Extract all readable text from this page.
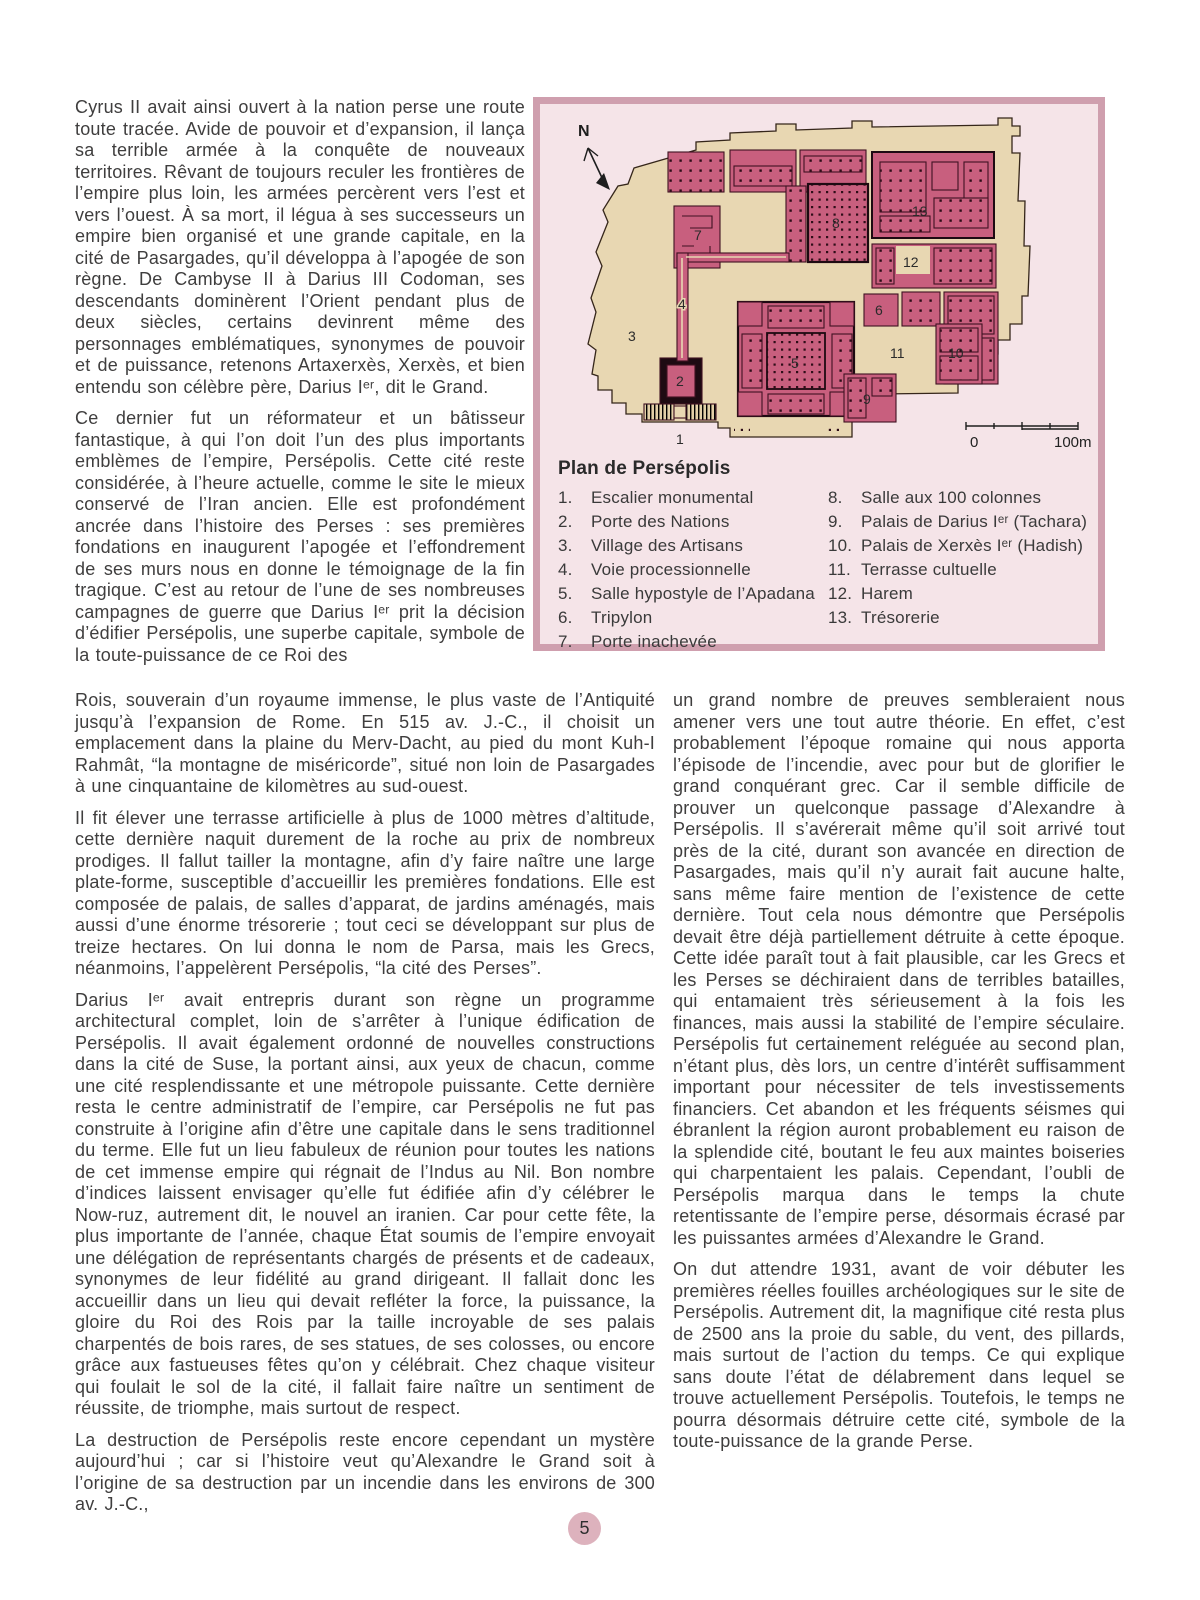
Cyrus II avait ainsi ouvert à la nation perse une route toute tracée. Avide de pouvoir et d’expansion, il lança sa terrible armée à la conquête de nouveaux territoires. Rêvant de toujours reculer les frontières de l’empire plus loin, les armées percèrent vers l’est et vers l’ouest. À sa mort, il légua à ses successeurs un empire bien organisé et une grande capitale, en la cité de Pasargades, qu’il développa à l’apogée de son règne. De Cambyse II à Darius III Codoman, ses descendants dominèrent l’Orient pendant plus de deux siècles, certains devinrent même des personnages emblématiques, synonymes de pouvoir et de puissance, retenons Artaxerxès, Xerxès, et bien entendu son célèbre père, Darius Iᵉʳ, dit le Grand.

Ce dernier fut un réformateur et un bâtisseur fantastique, à qui l’on doit l’un des plus importants emblèmes de l’empire, Persépolis. Cette cité reste considérée, à l’heure actuelle, comme le site le mieux conservé de l’Iran ancien. Elle est profondément ancrée dans l’histoire des Perses : ses premières fondations en inaugurent l’apogée et l’effondrement de ses murs nous en donne le témoignage de la fin tragique. C’est au retour de l’une de ses nombreuses campagnes de guerre que Darius Iᵉʳ prit la décision d’édifier Persépolis, une superbe capitale, symbole de la toute-puissance de ce Roi des

1
2
3
4
5
6
7
8
9
10
11
12
13
N
0	100m
Plan de Persépolis
1.	Escalier monumental
2.	Porte des Nations
3.	Village des Artisans
4.	Voie processionnelle
5.	Salle hypostyle de l’Apadana
6.	Tripylon
7.	Porte inachevée
8.	Salle aux 100 colonnes
9.	Palais de Darius Iᵉʳ (Tachara)
10. Palais de Xerxès Iᵉʳ (Hadish)
11. Terrasse cultuelle
12. Harem
13. Trésorerie

Rois, souverain d’un royaume immense, le plus vaste de l’Antiquité jusqu’à l’expansion de Rome. En 515 av. J.-C., il choisit un emplacement dans la plaine du Merv-Dacht, au pied du mont Kuh-I Rahmât, “la montagne de miséricorde”, situé non loin de Pasargades à une cinquantaine de kilomètres au sud-ouest.

Il fit élever une terrasse artificielle à plus de 1000 mètres d’altitude, cette dernière naquit durement de la roche au prix de nombreux prodiges. Il fallut tailler la montagne, afin d’y faire naître une large plate-forme, susceptible d’accueillir les premières fondations. Elle est composée de palais, de salles d’apparat, de jardins aménagés, mais aussi d’une énorme trésorerie ; tout ceci se développant sur plus de treize hectares. On lui donna le nom de Parsa, mais les Grecs, néanmoins, l’appelèrent Persépolis, “la cité des Perses”.

Darius Iᵉʳ avait entrepris durant son règne un programme architectural complet, loin de s’arrêter à l’unique édification de Persépolis. Il avait également ordonné de nouvelles constructions dans la cité de Suse, la portant ainsi, aux yeux de chacun, comme une cité resplendissante et une métropole puissante. Cette dernière resta le centre administratif de l’empire, car Persépolis ne fut pas construite à l’origine afin d’être une capitale dans le sens traditionnel du terme. Elle fut un lieu fabuleux de réunion pour toutes les nations de cet immense empire qui régnait de l’Indus au Nil. Bon nombre d’indices laissent envisager qu’elle fut édifiée afin d’y célébrer le Now-ruz, autrement dit, le nouvel an iranien. Car pour cette fête, la plus importante de l’année, chaque État soumis de l’empire envoyait une délégation de représentants chargés de présents et de cadeaux, synonymes de leur fidélité au grand dirigeant. Il fallait donc les accueillir dans un lieu qui devait refléter la force, la puissance, la gloire du Roi des Rois par la taille incroyable de ses palais charpentés de bois rares, de ses statues, de ses colosses, ou encore grâce aux fastueuses fêtes qu’on y célébrait. Chez chaque visiteur qui foulait le sol de la cité, il fallait faire naître un sentiment de réussite, de triomphe, mais surtout de respect.

La destruction de Persépolis reste encore cependant un mystère aujourd’hui ; car si l’histoire veut qu’Alexandre le Grand soit à l’origine de sa destruction par un incendie dans les environs de 300 av. J.-C.,

un grand nombre de preuves sembleraient nous amener vers une tout autre théorie. En effet, c’est probablement l’époque romaine qui nous apporta l’épisode de l’incendie, avec pour but de glorifier le grand conquérant grec. Car il semble difficile de prouver un quelconque passage d’Alexandre à Persépolis. Il s’avérerait même qu’il soit arrivé tout près de la cité, durant son avancée en direction de Pasargades, mais qu’il n’y aurait fait aucune halte, sans même faire mention de l’existence de cette dernière. Tout cela nous démontre que Persépolis devait être déjà partiellement détruite à cette époque. Cette idée paraît tout à fait plausible, car les Grecs et les Perses se déchiraient dans de terribles batailles, qui entamaient très sérieusement à la fois les finances, mais aussi la stabilité de l’empire séculaire. Persépolis fut certainement reléguée au second plan, n’étant plus, dès lors, un centre d’intérêt suffisamment important pour nécessiter de tels investissements financiers. Cet abandon et les fréquents séismes qui ébranlent la région auront probablement eu raison de la splendide cité, boutant le feu aux maintes boiseries qui charpentaient les palais. Cependant, l’oubli de Persépolis marqua dans le temps la chute retentissante de l’empire perse, désormais écrasé par les puissantes armées d’Alexandre le Grand.

On dut attendre 1931, avant de voir débuter les premières réelles fouilles archéologiques sur le site de Persépolis. Autrement dit, la magnifique cité resta plus de 2500 ans la proie du sable, du vent, des pillards, mais surtout de l’action du temps. Ce qui explique sans doute l’état de délabrement dans lequel se trouve actuellement Persépolis. Toutefois, le temps ne pourra désormais détruire cette cité, symbole de la toute-puissance de la grande Perse.

5
